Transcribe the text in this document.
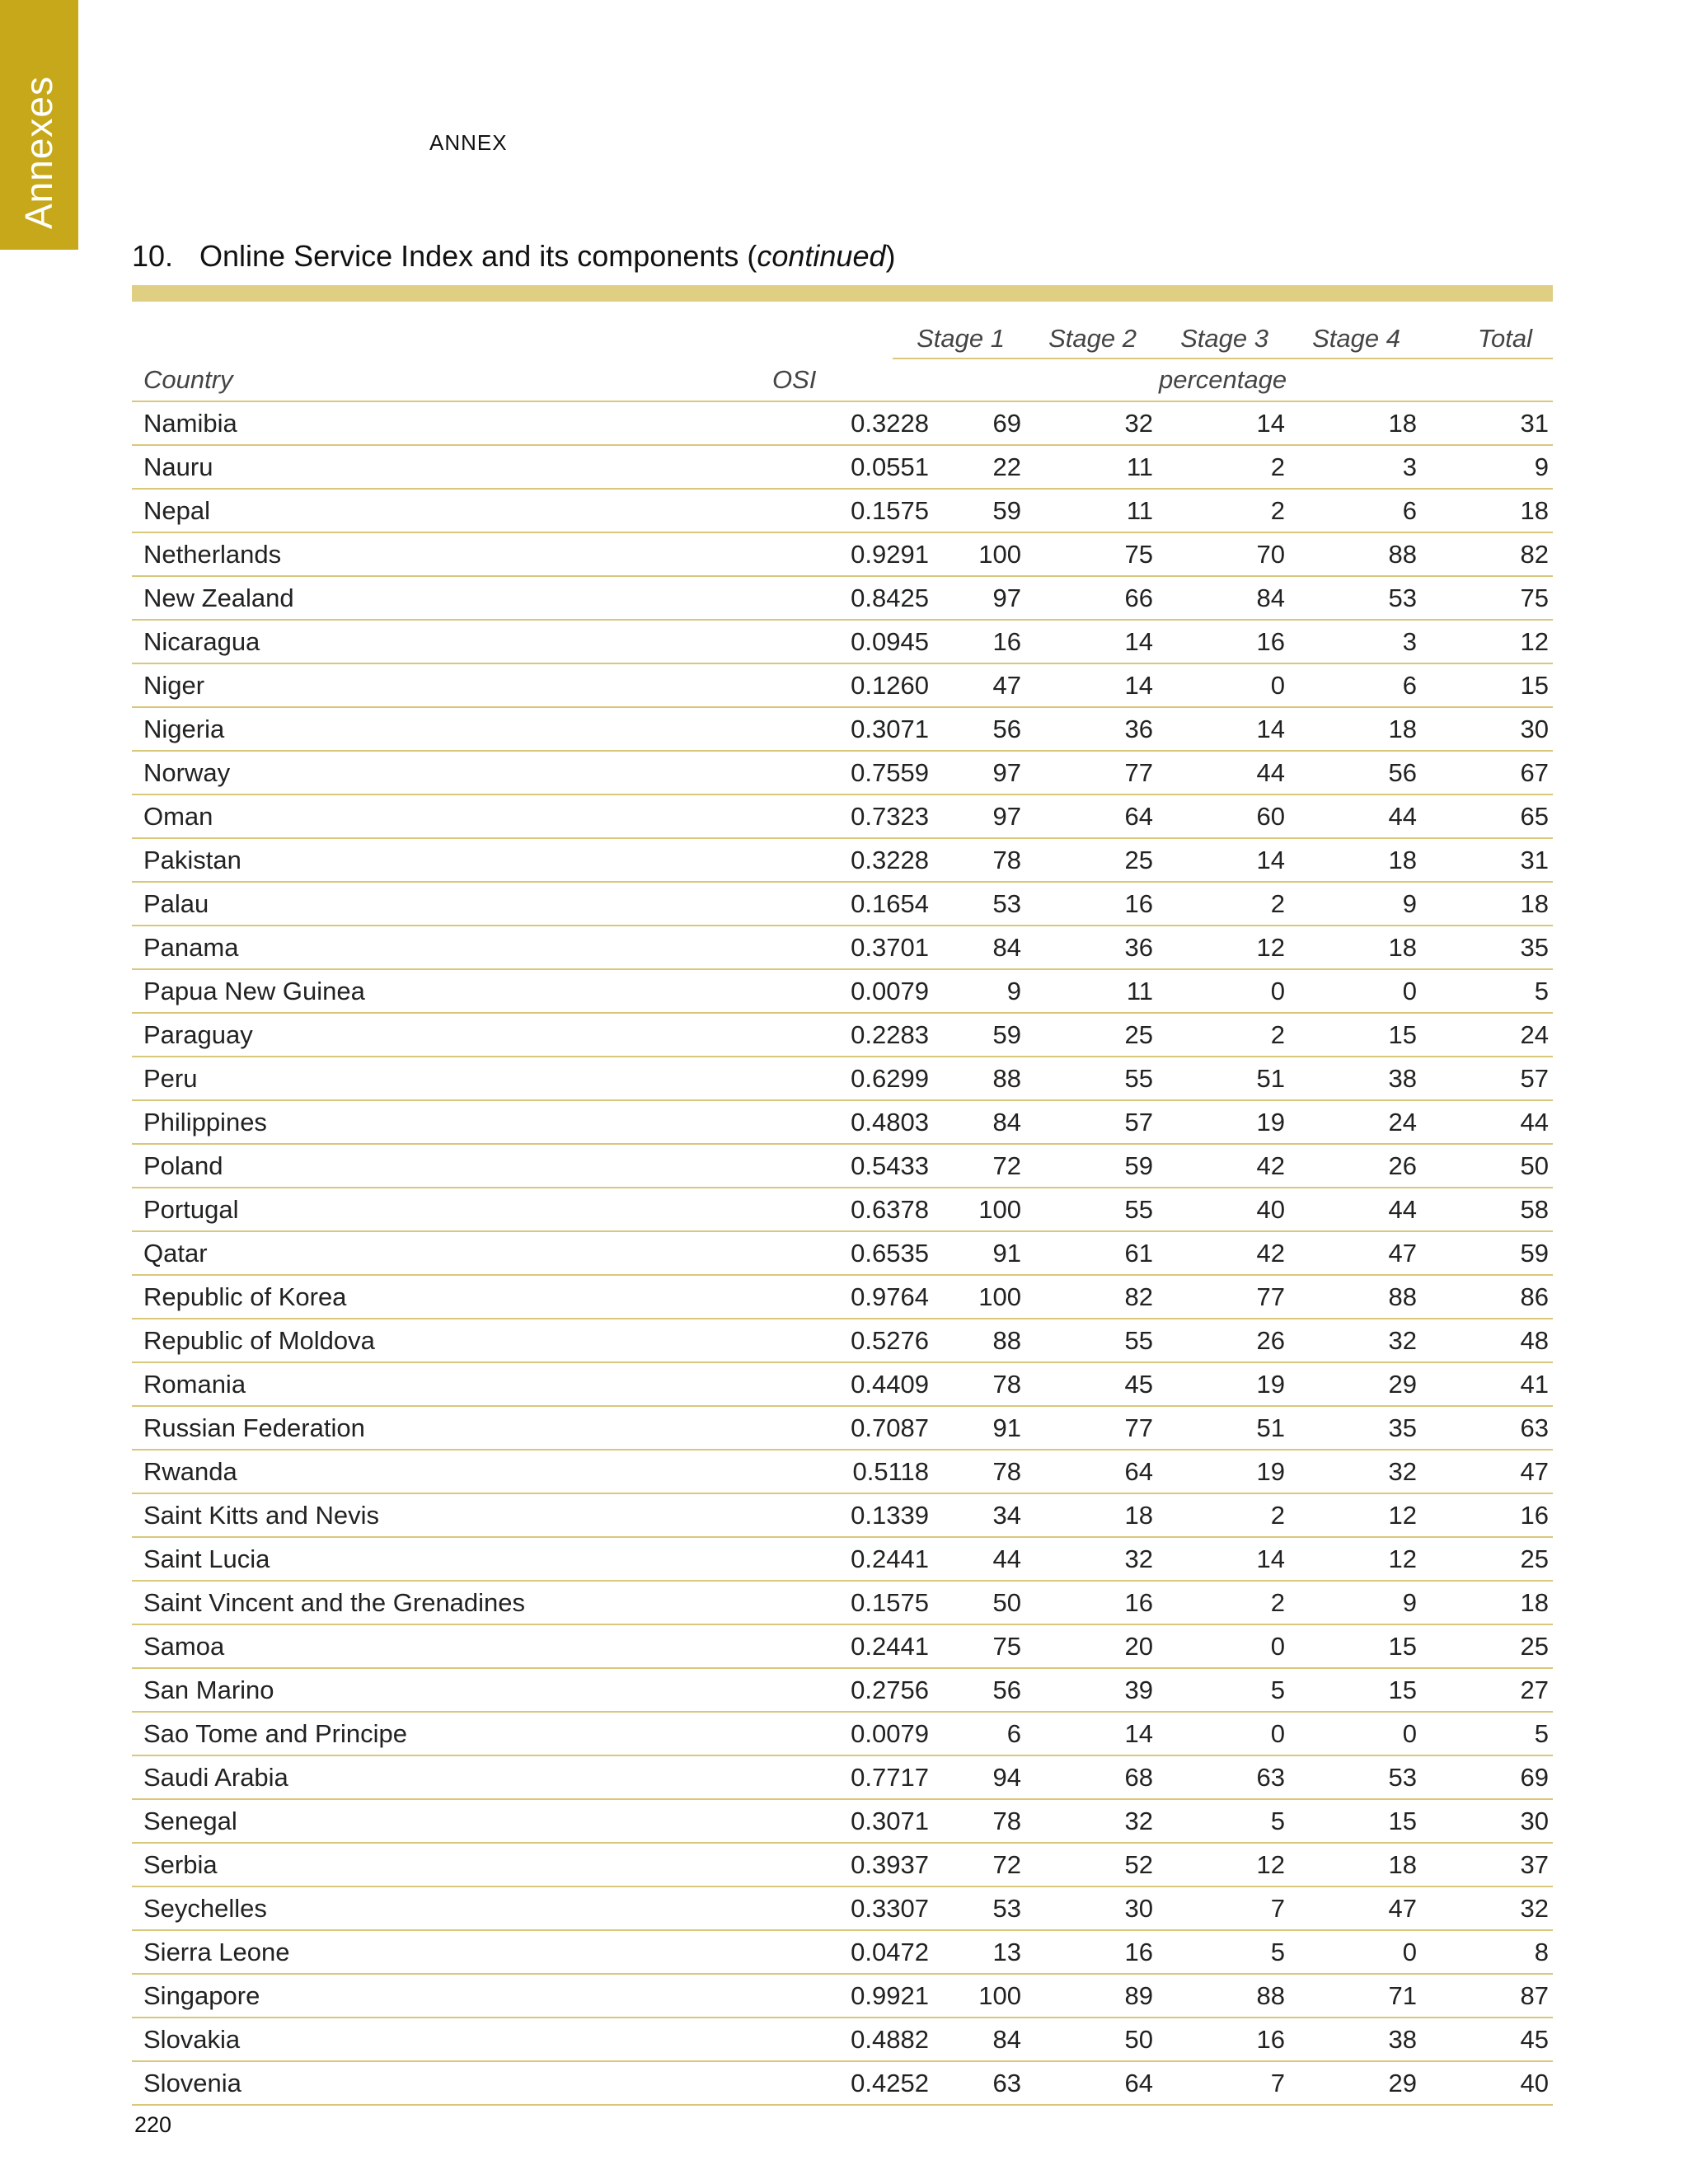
Annexes	ANNEX
10. Online Service Index and its components (continued)
Stage 1 Stage 2 Stage 3 Stage 4	Total
Country	OSI	percentage
Namibia	0.3228	69	32	14	18	31
Nauru	0.0551	22	11	2	3	9
Nepal	0.1575	59	11	2	6	18
Netherlands	0.9291 100	75	70	88	82
New Zealand	0.8425	97	66	84	53	75
Nicaragua	0.0945	16	14	16	3	12
Niger	0.1260	47	14	0	6	15
Nigeria	0.3071	56	36	14	18	30
Norway	0.7559	97	77	44	56	67
Oman	0.7323	97	64	60	44	65
Pakistan	0.3228	78	25	14	18	31
Palau	0.1654	53	16	2	9	18
Panama	0.3701	84	36	12	18	35
Papua New Guinea	0.0079	9	11	0	0	5
Paraguay	0.2283	59	25	2	15	24
Peru	0.6299	88	55	51	38	57
Philippines	0.4803	84	57	19	24	44
Poland	0.5433	72	59	42	26	50
Portugal	0.6378 100	55	40	44	58
Qatar	0.6535	91	61	42	47	59
Republic of Korea	0.9764 100	82	77	88	86
Republic of Moldova	0.5276	88	55	26	32	48
Romania	0.4409	78	45	19	29	41
Russian Federation	0.7087	91	77	51	35	63
Rwanda	0.5118	78	64	19	32	47
Saint Kitts and Nevis	0.1339	34	18	2	12	16
Saint Lucia	0.2441	44	32	14	12	25
Saint Vincent and the Grenadines	0.1575	50	16	2	9	18
Samoa	0.2441	75	20	0	15	25
San Marino	0.2756	56	39	5	15	27
Sao Tome and Principe	0.0079	6	14	0	0	5
Saudi Arabia	0.7717	94	68	63	53	69
Senegal	0.3071	78	32	5	15	30
Serbia	0.3937	72	52	12	18	37
Seychelles	0.3307	53	30	7	47	32
Sierra Leone	0.0472	13	16	5	0	8
Singapore	0.9921 100	89	88	71	87
Slovakia	0.4882	84	50	16	38	45
Slovenia	0.4252	63	64	7	29	40
220
